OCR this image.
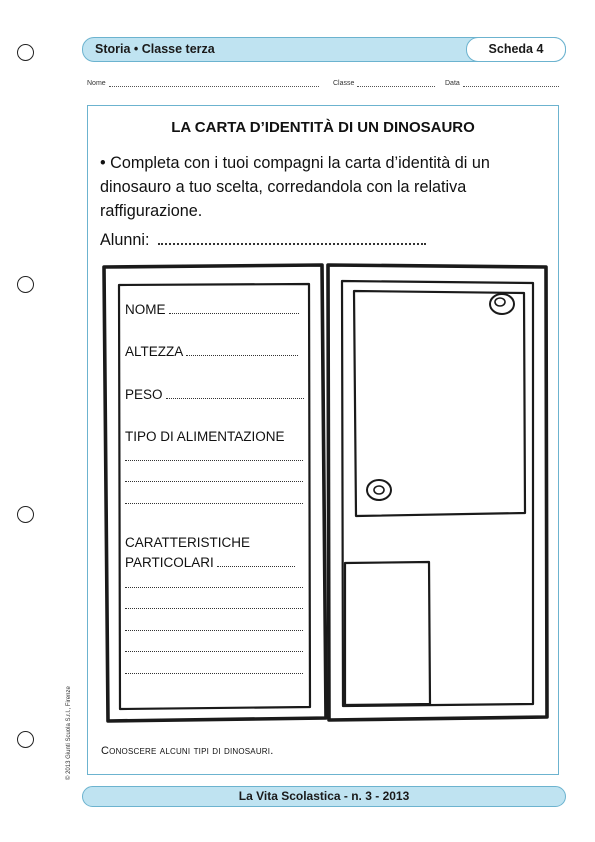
Storia • Classe terza	Scheda 4
Nome	Classe	Data
LA CARTA D’IDENTITÀ DI UN DINOSAURO
• Completa con i tuoi compagni la carta d’identità di un dinosauro a tuo scelta, corredandola con la relativa raffigurazione.
Alunni:
NOME
ALTEZZA
PESO
TIPO DI ALIMENTAZIONE
CARATTERISTICHE
PARTICOLARI
Conoscere alcuni tipi di dinosauri.
© 2013 Giunti Scuola S.r.l., Firenze
La Vita Scolastica - n. 3 - 2013
